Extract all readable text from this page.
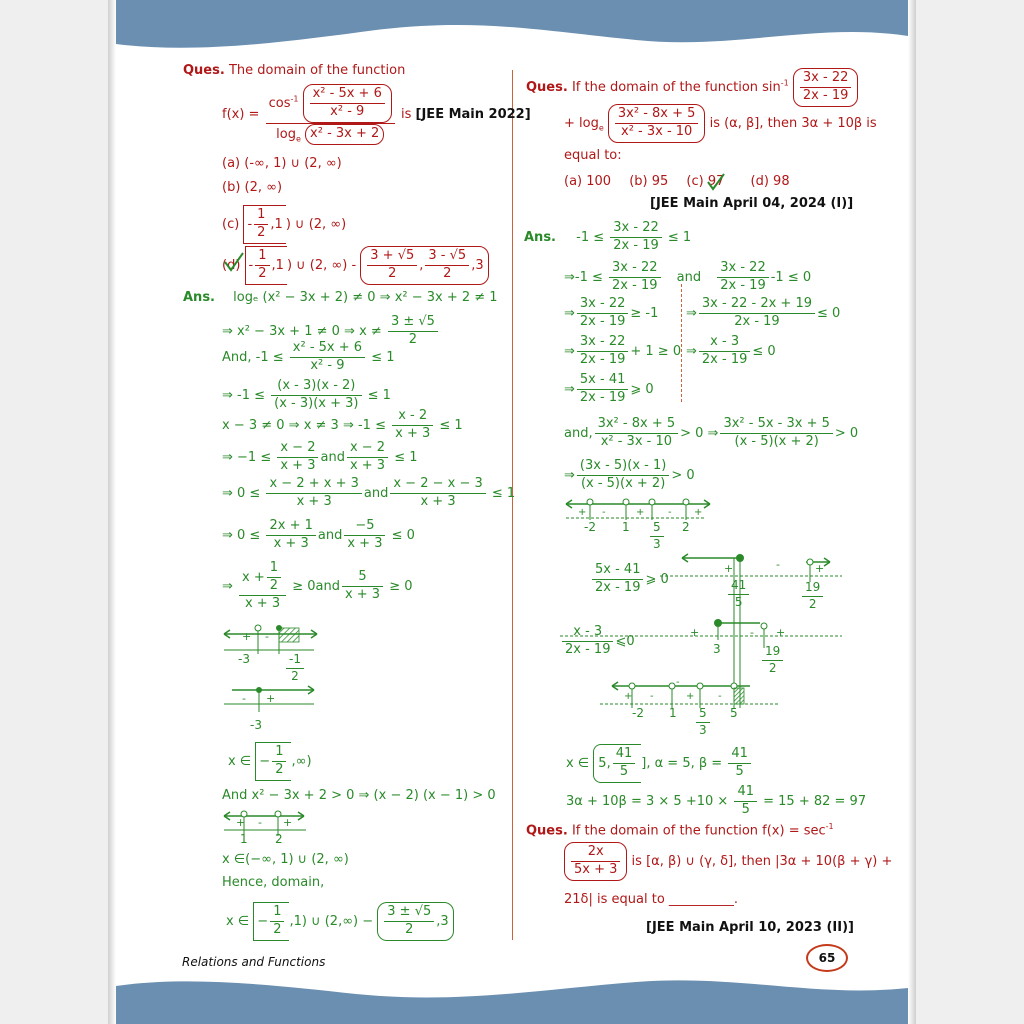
Ques. The domain of the function
$f(x) = \frac{\cos^{-1} \frac{\text{x² - 5x + 6}}{\text{x² - 9}}}{\log_e x^2 - 3x + 2}$ is [JEE Main 2022]
(a) (-∞, 1) ∪ (2, ∞)
(b) (2, ∞)
$(c) - \frac{1}{2} ,1$ ) ∪ (2, ∞)
$(d) - \frac{1}{2} ,1$ ) ∪ (2, ∞) - $\frac{3 + √5}{2}$ , $\frac{3 - √5}{2} ,3$
Ans. logₑ (x² − 3x + 2) ≠ 0 ⇒ x² − 3x + 2 ≠ 1
⇒ x² − 3x + 1 ≠ 0 ⇒ $x \ne \frac{3 \pm √5}{2}$
And, $-1 \le \frac{\text{x² - 5x + 6}}{\text{x² - 9}} \le 1$
⇒ $-1 \le \frac{(x - 3)(x - 2)}{(x - 3)(x + 3)} \le 1$
x − 3 ≠ 0 ⇒ x ≠ 3 ⇒ $-1 \le \frac{x - 2}{x + 3} \le 1$
⇒ $-1 \le \frac{x - 2}{x + 3}$ and $\frac{x - 2}{x + 3} \le 1$
⇒ $0 \le \frac{x - 2 + x + 3}{x + 3}$ and $\frac{x - 2 - x - 3}{x + 3} \le 1$
⇒ $0 \le \frac{2x + 1}{x + 3}$ and $\frac{-5}{x + 3} \le 0$
⇒ $\frac{x + \frac{1}{2}}{x + 3} \ge 0and \frac{5}{x + 3} \ge 0$
+ -
-3	$\frac{-1}{2}$
- +
-3
x ∈ − $\frac{1}{2}$ ,∞)
And x² − 3x + 2 > 0 ⇒ (x − 2) (x − 1) > 0
+ - +
1 2
x ∈(−∞, 1) ∪ (2, ∞)
Hence, domain,
x ∈ − $\frac{1}{2} ,1$) ∪ $(2,\infty) - \frac{3 \pm √5}{2} ,3$
Ques. If the domain of the function $\sin^{-1} \frac{3x - 22}{2x - 19}$
+ $\log_e \frac{\text{3x² - 8x + 5}}{\text{x² - 3x - 10}}$ is (α, β], then 3α + 10β is
equal to:
(a) 100 (b) 95 (c) 97 (d) 98
[JEE Main April 04, 2024 (I)]
Ans. $-1 \le \frac{3x - 22}{2x - 19} \le 1$
⇒-1 ≤ $\frac{3x - 22}{2x - 19}$ and $\frac{3x - 22}{2x - 19} -1 \le 0$
⇒ $\frac{3x - 22}{2x - 19} \ge -1$ ⇒ $\frac{3x - 22 - 2x + 19}{2x - 19} \le 0$
⇒ $\frac{3x - 22}{2x - 19} + 1 \ge 0$ ⇒ $\frac{x - 3}{2x - 19} \le 0$
⇒ $\frac{5x - 41}{2x - 19}$ ⩾ 0
and, $\frac{\text{3x² - 8x + 5}}{\text{x² - 3x - 10}} > 0$ ⇒ $\frac{\text{3x² - 5x - 3x + 5}}{(x - 5)(x + 2)} > 0$
⇒ $\frac{(3x - 5)(x - 1)}{(x - 5)(x + 2)} > 0$
+ -	+ - +
-2 $1 \frac{5}{3} 2$
$\frac{5x - 41}{2x - 19}$ ⩾ 0
+	-	+
$\frac{41}{5}$	$\frac{19}{2}$
$\frac{x - 3}{2x - 19}$ ⩽0
+	- +
3	$\frac{19}{2}$
+ -
-
+ -
-2 $1 \frac{5}{3} 5$
x ∈ 5, $\frac{41}{5}$ ], α = 5, $\beta = \frac{41}{5}$
$3\alpha + 10\beta = 3 \times 5 +10 \times \frac{41}{5} = 15 + 82 = 97$
Ques. If the domain of the function $f(x) = \sec^{-1}$
$\frac{2x}{5x + 3}$ is [α, β) ∪ (γ, δ], then |3α + 10(β + γ) +
21δ| is equal to __________.
[JEE Main April 10, 2023 (II)]
Relations and Functions	65
